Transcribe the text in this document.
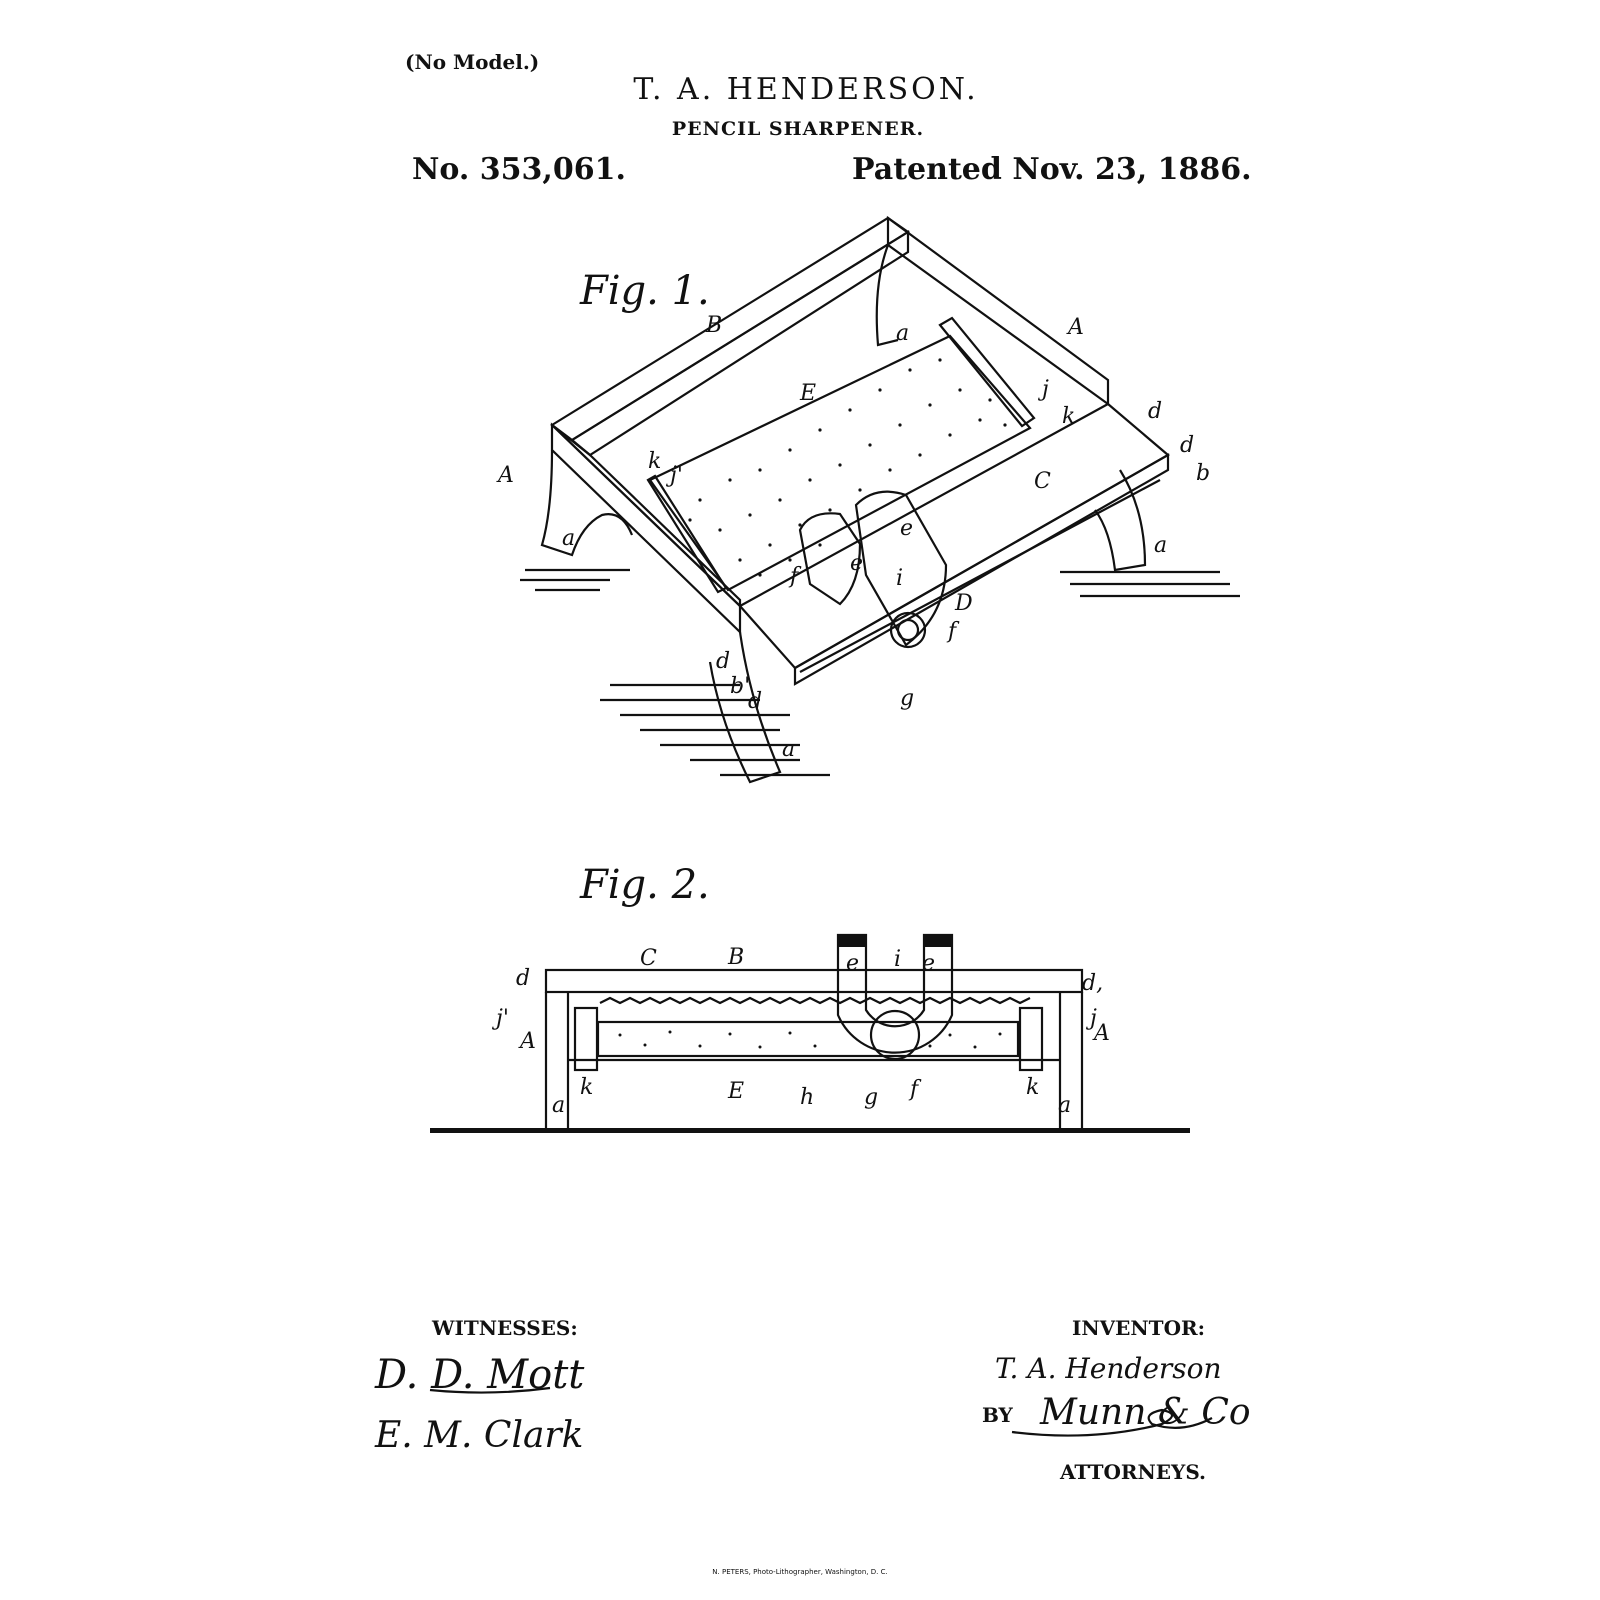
(No Model.)
T. A. HENDERSON.
PENCIL SHARPENER.
No. 353,061.	Patented Nov. 23, 1886.
A
B	A
a
a	a
a
E	j
k	d
d
b
C
k
j'
e
e
i
f
f
D
g
d
b'
d
C	B	e i e
d	d,
j'	j
A	A
k	k
a	a
E	h g f
Fig. 1.
Fig. 2.
WITNESSES:
D. D. Mott
E. M. Clark
INVENTOR:
T. A. Henderson
BY Munn & Co
ATTORNEYS.
N. PETERS, Photo-Lithographer, Washington, D. C.
